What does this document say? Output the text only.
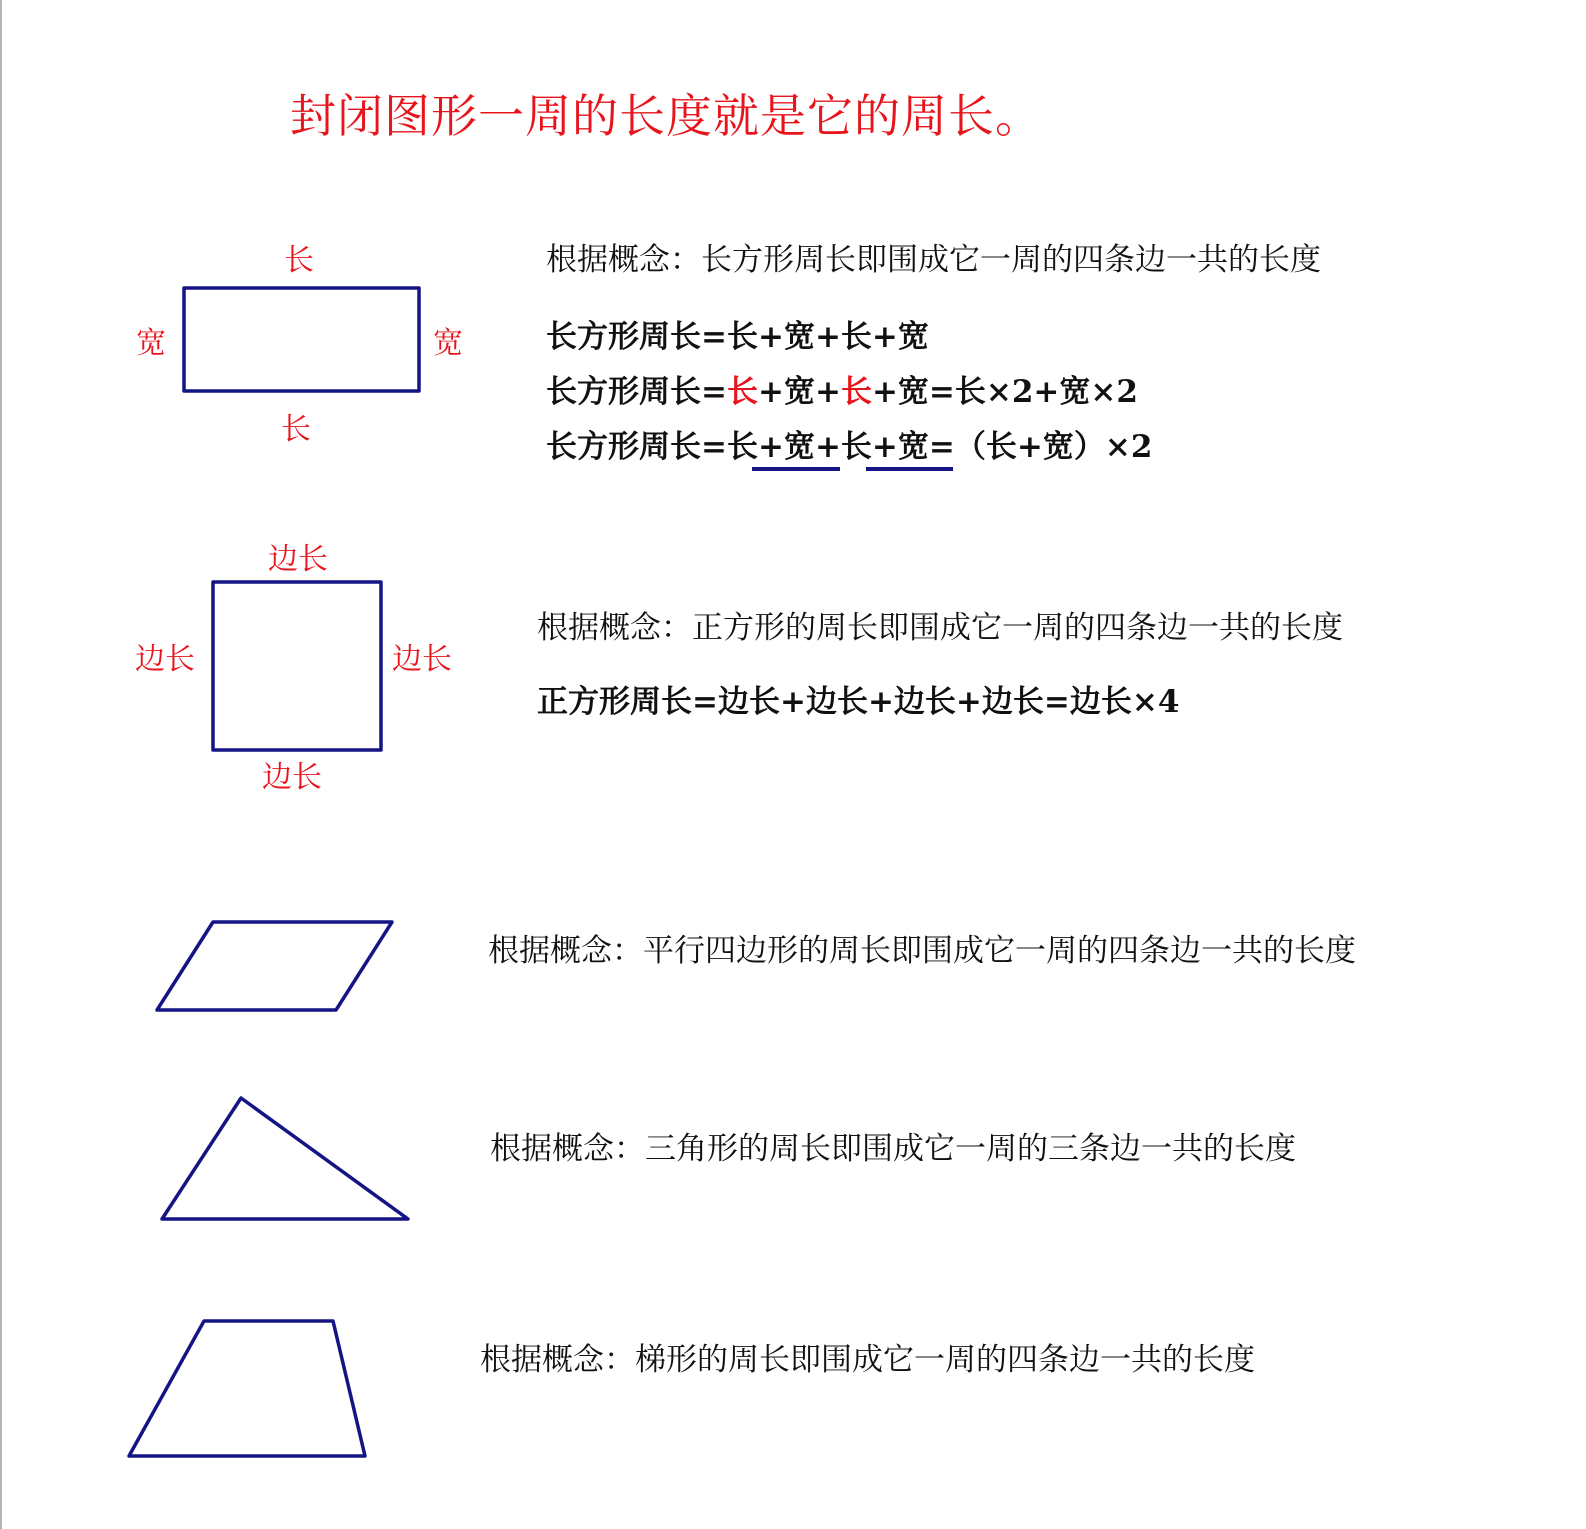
封闭图形一周的长度就是它的周长。
长
长
宽	宽
根据概念：长方形周长即围成它一周的四条边一共的长度
长方形周长=长+宽+长+宽
长方形周长=长+宽+长+宽=长×2+宽×2
长方形周长=长+宽+长+宽=（长+宽）×2
边长
边长
边长	边长
根据概念：正方形的周长即围成它一周的四条边一共的长度
正方形周长=边长+边长+边长+边长=边长×4
根据概念：平行四边形的周长即围成它一周的四条边一共的长度
根据概念：三角形的周长即围成它一周的三条边一共的长度
根据概念：梯形的周长即围成它一周的四条边一共的长度
